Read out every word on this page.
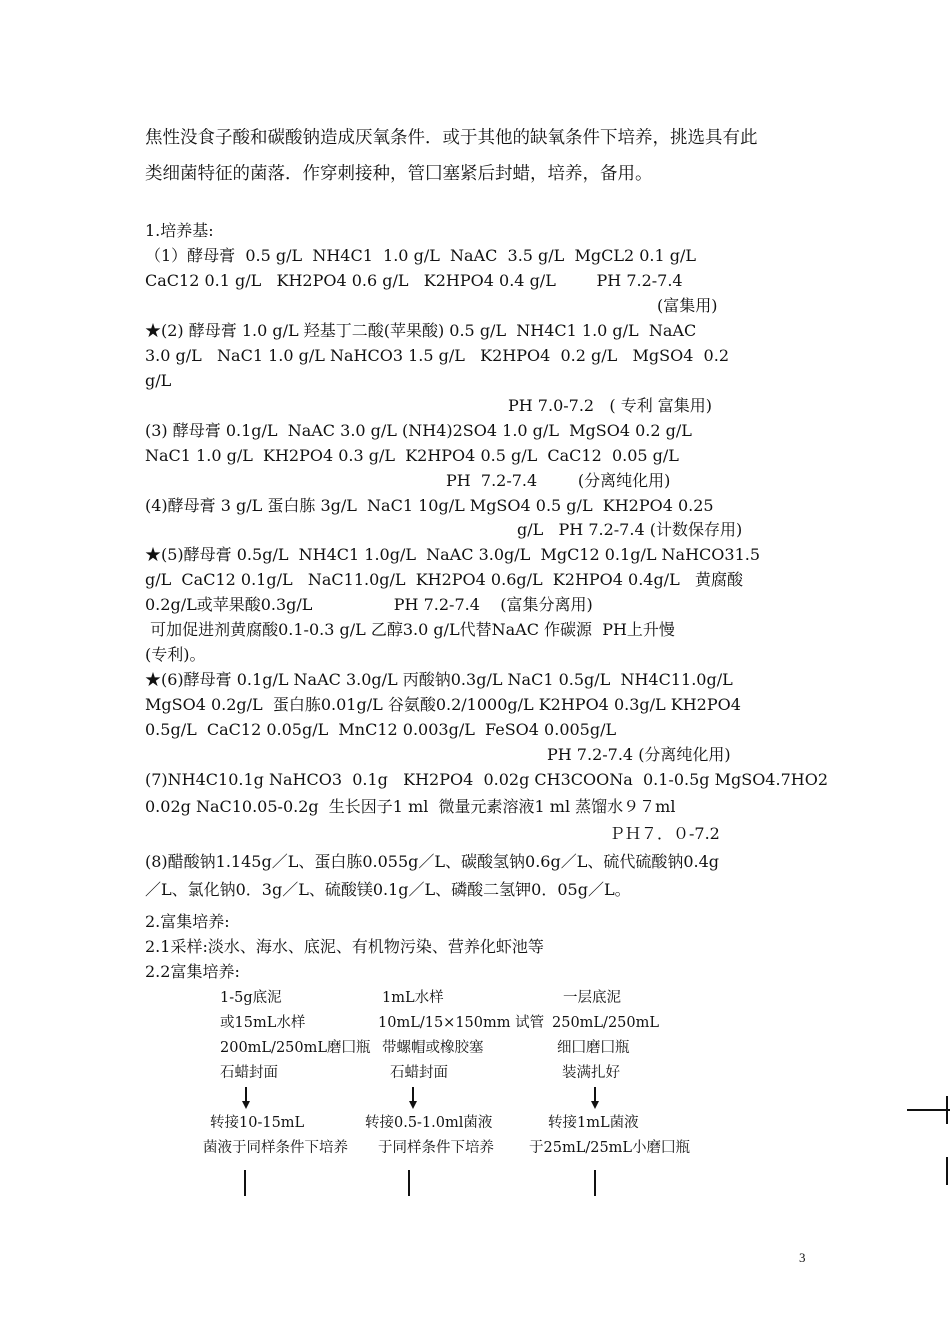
焦性没食子酸和碳酸钠造成厌氧条件．或于其他的缺氧条件下培养，挑选具有此
类细菌特征的菌落．作穿刺接种，管囗塞紧后封蜡，培养，备用。
1.培养基:
（1）酵母膏  0.5 g/L  NH4C1  1.0 g/L  NaAC  3.5 g/L  MgCL2 0.1 g/L
CaC12 0.1 g/L   KH2PO4 0.6 g/L   K2HPO4 0.4 g/L        PH 7.2-7.4
(富集用)
★(2) 酵母膏 1.0 g/L 羟基丁二酸(苹果酸) 0.5 g/L  NH4C1 1.0 g/L  NaAC
3.0 g/L   NaC1 1.0 g/L NaHCO3 1.5 g/L   K2HPO4  0.2 g/L   MgSO4  0.2
g/L
PH 7.0-7.2   ( 专利 富集用)
(3) 酵母膏 0.1g/L  NaAC 3.0 g/L (NH4)2SO4 1.0 g/L  MgSO4 0.2 g/L
NaC1 1.0 g/L  KH2PO4 0.3 g/L  K2HPO4 0.5 g/L  CaC12  0.05 g/L
PH  7.2-7.4        (分离纯化用)
(4)酵母膏 3 g/L 蛋白胨 3g/L  NaC1 10g/L MgSO4 0.5 g/L  KH2PO4 0.25
g/L   PH 7.2-7.4 (计数保存用)
★(5)酵母膏 0.5g/L  NH4C1 1.0g/L  NaAC 3.0g/L  MgC12 0.1g/L NaHCO31.5
g/L  CaC12 0.1g/L   NaC11.0g/L  KH2PO4 0.6g/L  K2HPO4 0.4g/L   黄腐酸
0.2g/L或苹果酸0.3g/L                PH 7.2-7.4    (富集分离用)
可加促进剂黄腐酸0.1-0.3 g/L 乙醇3.0 g/L代替NaAC 作碳源  PH上升慢
(专利)。
★(6)酵母膏 0.1g/L NaAC 3.0g/L 丙酸钠0.3g/L NaC1 0.5g/L  NH4C11.0g/L
MgSO4 0.2g/L  蛋白胨0.01g/L 谷氨酸0.2/1000g/L K2HPO4 0.3g/L KH2PO4
0.5g/L  CaC12 0.05g/L  MnC12 0.003g/L  FeSO4 0.005g/L
PH 7.2-7.4 (分离纯化用)
(7)NH4C10.1g NaHCO3  0.1g   KH2PO4  0.02g CH3COONa  0.1-0.5g MgSO4.7HO2
0.02g NaC10.05-0.2g  生长因子1 ml  微量元素溶液1 ml 蒸馏水９７ml
ＰＨ７．０-7.2
(8)醋酸钠1.145g／L、蛋白胨0.055g／L、碳酸氢钠0.6g／L、硫代硫酸钠0.4g
／L、氯化钠0．3g／L、硫酸镁0.1g／L、磷酸二氢钾0．05g／L。
2.富集培养:
2.1采样:淡水、海水、底泥、有机物污染、营养化虾池等
2.2富集培养:
1-5g底泥
或15mL水样
200mL/250mL磨囗瓶
石蜡封面
1mL水样
10mL/15×150mm 试管
带螺帽或橡胶塞
石蜡封面
一层底泥
250mL/250mL
细囗磨囗瓶
装满扎好
转接10-15mL
菌液于同样条件下培养
转接0.5-1.0ml菌液
于同样条件下培养
转接1mL菌液
于25mL/25mL小磨囗瓶
3
